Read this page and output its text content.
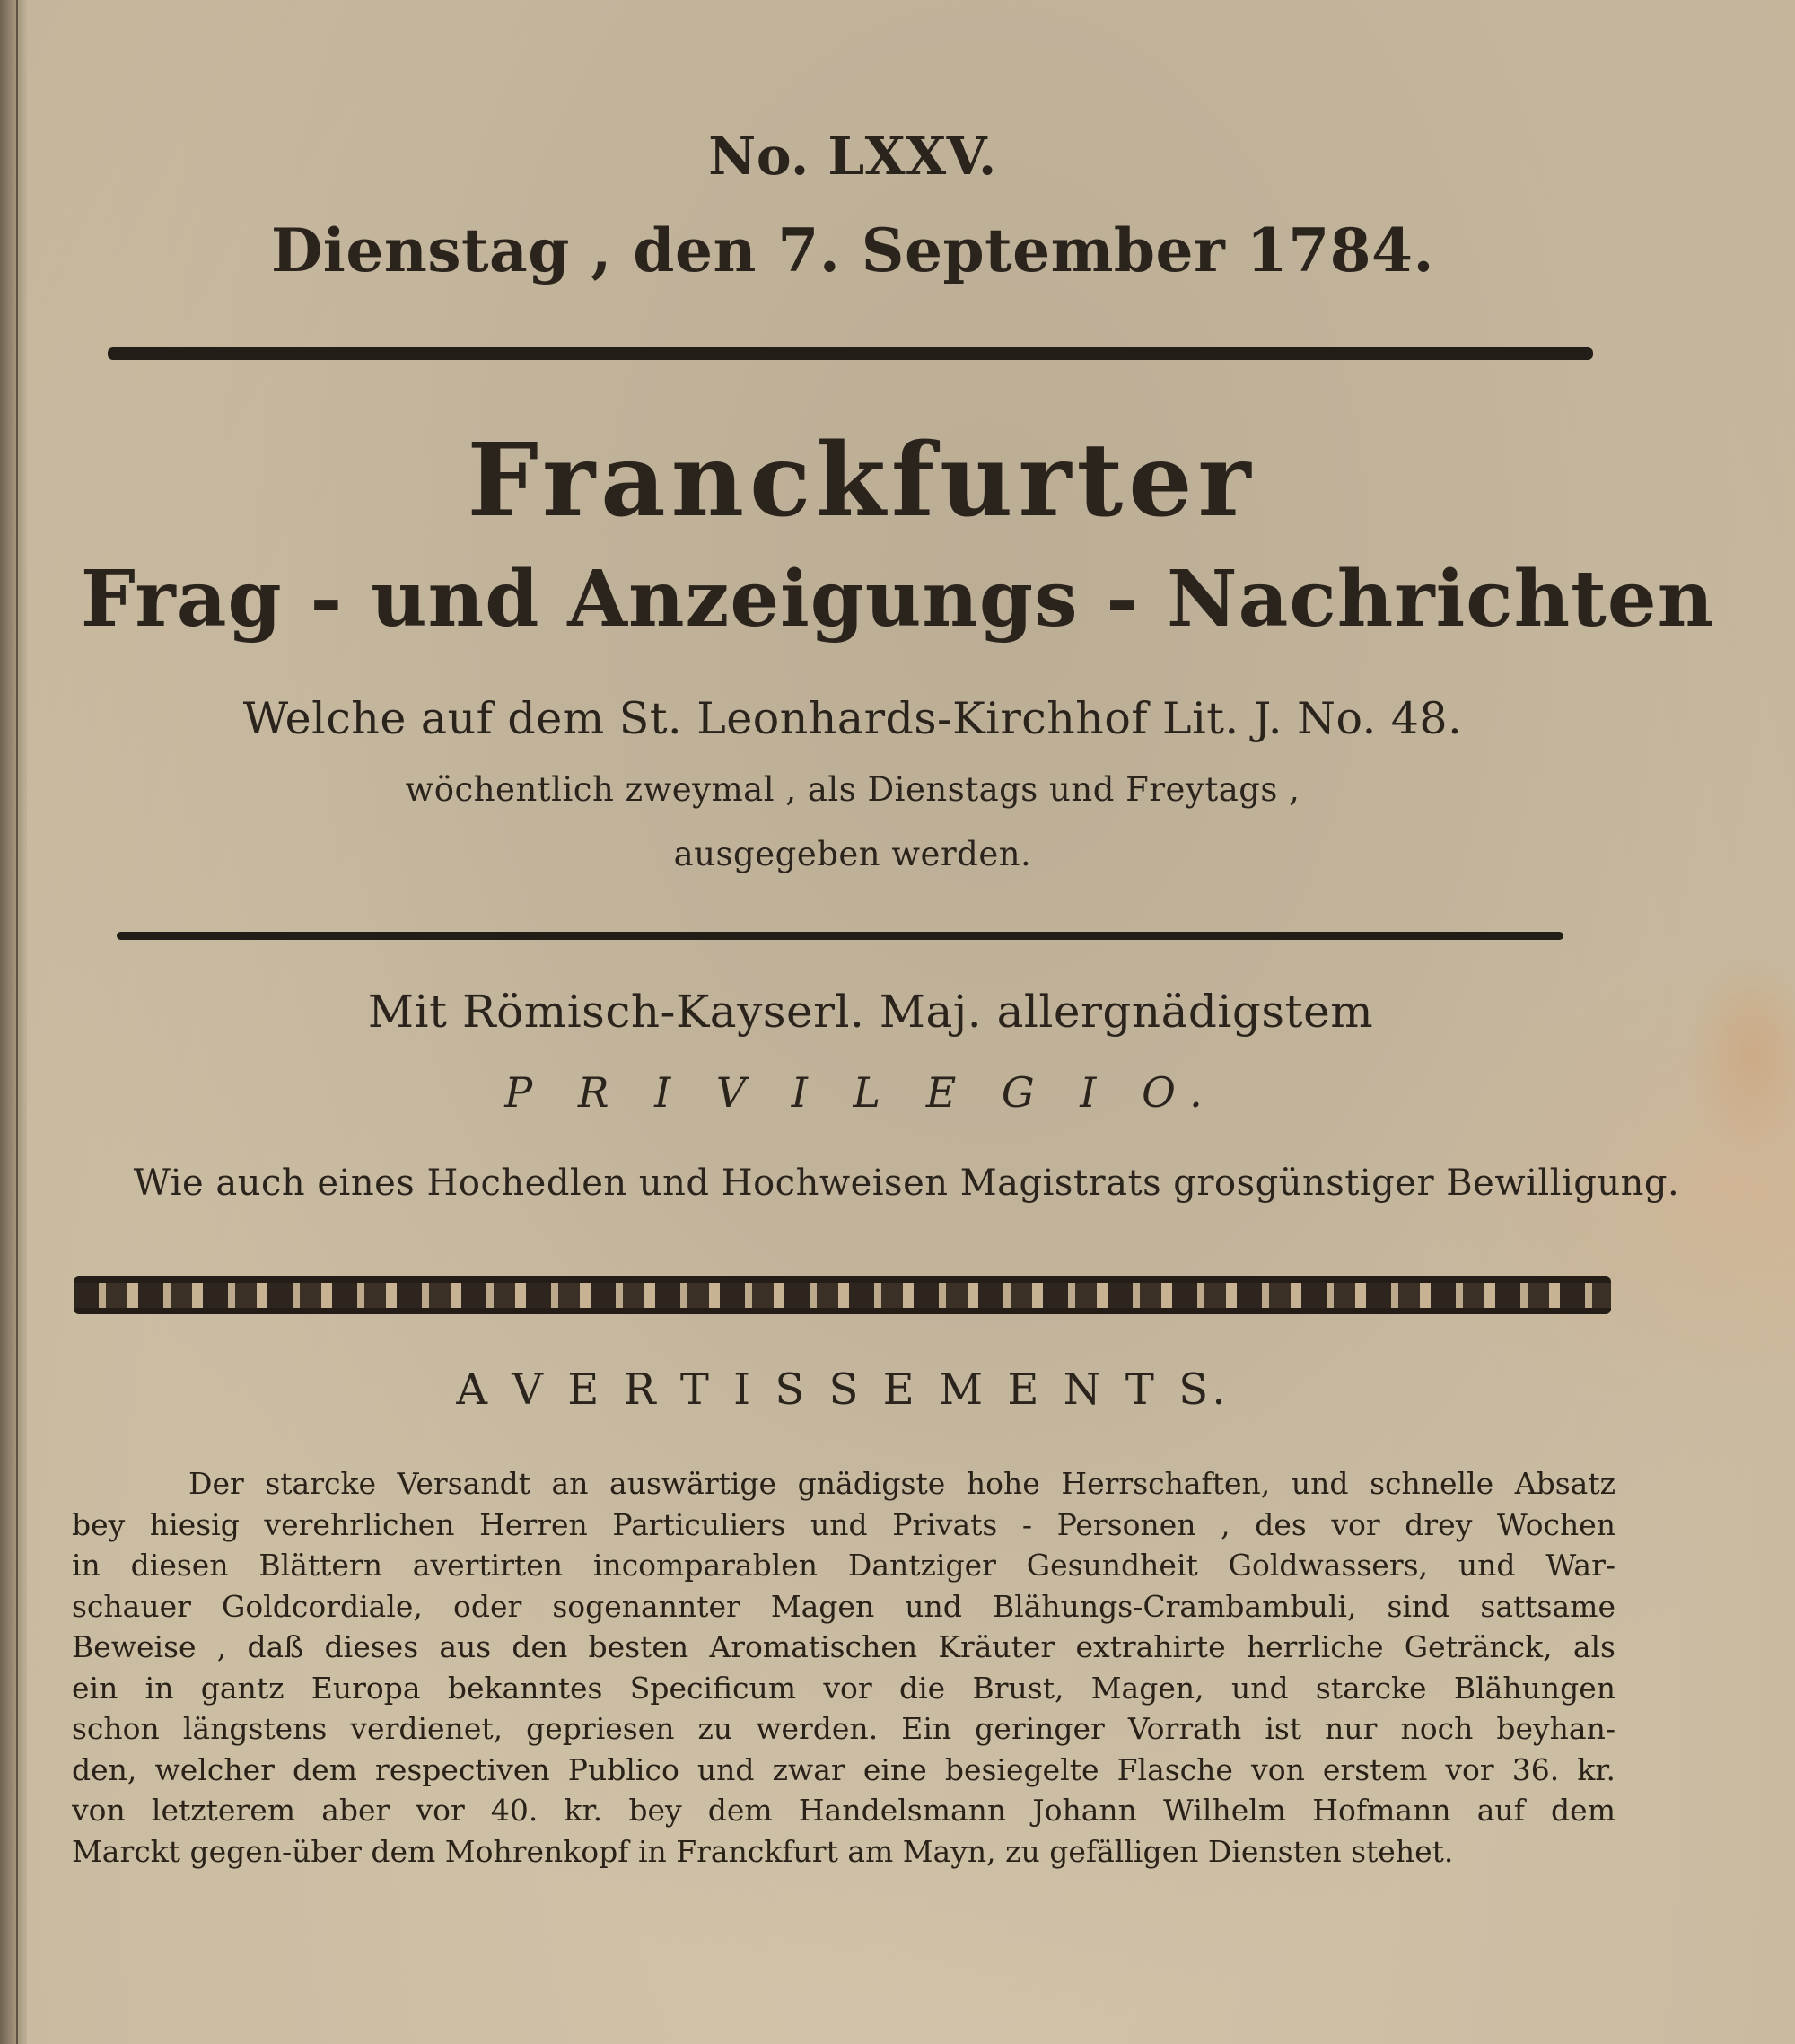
No. LXXV.
Dienstag , den 7. September 1784.
Franckfurter
Frag - und Anzeigungs - Nachrichten
Welche auf dem St. Leonhards-Kirchhof Lit. J. No. 48.
wöchentlich zweymal , als Dienstags und Freytags ,
ausgegeben werden.
Mit Römisch-Kayserl. Maj. allergnädigstem
P R I V I L E G I O.
Wie auch eines Hochedlen und Hochweisen Magistrats grosgünstiger Bewilligung.
A V E R T I S S E M E N T S.
Der starcke Versandt an auswärtige gnädigste hohe Herrschaften, und schnelle Absatz
bey hiesig verehrlichen Herren Particuliers und Privats - Personen , des vor drey Wochen
in diesen Blättern avertirten incomparablen Dantziger Gesundheit Goldwassers, und War-
schauer Goldcordiale, oder sogenannter Magen und Blähungs-Crambambuli, sind sattsame
Beweise , daß dieses aus den besten Aromatischen Kräuter extrahirte herrliche Getränck, als
ein in gantz Europa bekanntes Specificum vor die Brust, Magen, und starcke Blähungen
schon längstens verdienet, gepriesen zu werden. Ein geringer Vorrath ist nur noch beyhan-
den, welcher dem respectiven Publico und zwar eine besiegelte Flasche von erstem vor 36. kr.
von letzterem aber vor 40. kr. bey dem Handelsmann Johann Wilhelm Hofmann auf dem
Marckt gegen-über dem Mohrenkopf in Franckfurt am Mayn, zu gefälligen Diensten stehet.
